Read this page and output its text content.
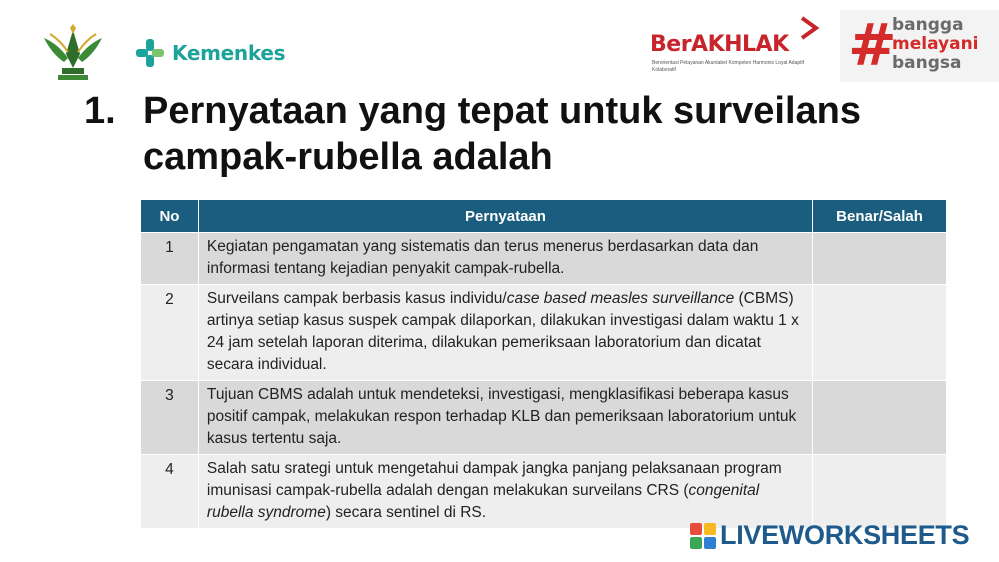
Kemenkes	BerAKHLAK
Berorientasi Pelayanan Akuntabel Kompeten Harmonis Loyal Adaptif Kolaboratif	#
bangga
melayani
bangsa
1. Pernyataan yang tepat untuk surveilans campak-rubella adalah
No	Pernyataan	Benar/Salah
1	Kegiatan pengamatan yang sistematis dan terus menerus berdasarkan data dan informasi tentang kejadian penyakit campak-rubella.	
2	Surveilans campak berbasis kasus individu/case based measles surveillance (CBMS) artinya setiap kasus suspek campak dilaporkan, dilakukan investigasi dalam waktu 1 x 24 jam setelah laporan diterima, dilakukan pemeriksaan laboratorium dan dicatat secara individual.	
3	Tujuan CBMS adalah untuk mendeteksi, investigasi, mengklasifikasi beberapa kasus positif campak, melakukan respon terhadap KLB dan pemeriksaan laboratorium untuk kasus tertentu saja.	
4	Salah satu srategi untuk mengetahui dampak jangka panjang pelaksanaan program imunisasi campak-rubella adalah dengan melakukan surveilans CRS (congenital rubella syndrome) secara sentinel di RS.	
LIVEWORKSHEETS
